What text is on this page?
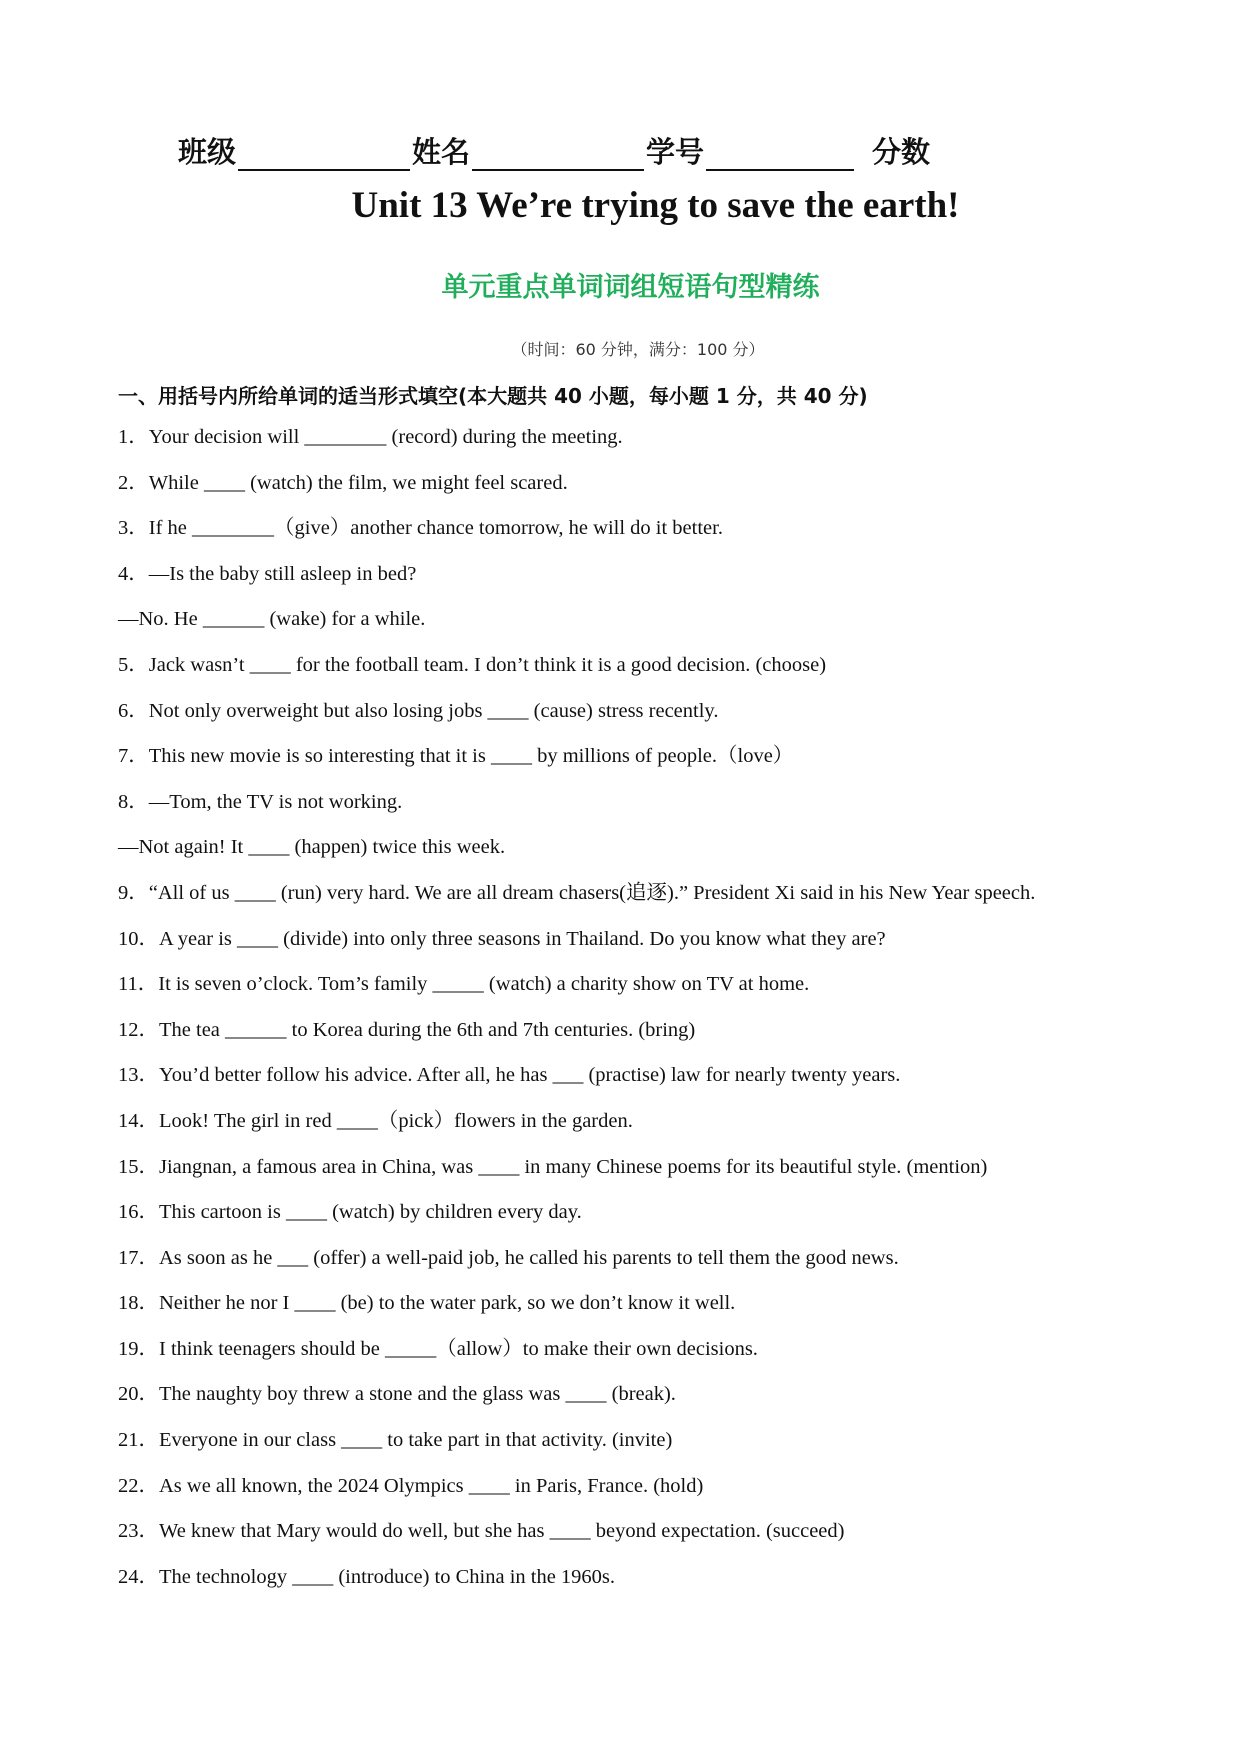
班级	姓名	学号	分数
Unit 13 We’re trying to save the earth!
单元重点单词词组短语句型精练
（时间：60 分钟，满分：100 分）
一、用括号内所给单词的适当形式填空(本大题共 40 小题，每小题 1 分，共 40 分)
1．Your decision will ________ (record) during the meeting.
2．While ____ (watch) the film, we might feel scared.
3．If he ________（give）another chance tomorrow, he will do it better.
4．—Is the baby still asleep in bed?
—No. He ______ (wake) for a while.
5．Jack wasn’t ____ for the football team. I don’t think it is a good decision. (choose)
6．Not only overweight but also losing jobs ____ (cause) stress recently.
7．This new movie is so interesting that it is ____ by millions of people.（love）
8．—Tom, the TV is not working.
—Not again! It ____ (happen) twice this week.
9．“All of us ____ (run) very hard. We are all dream chasers(追逐).” President Xi said in his New Year speech.
10．A year is ____ (divide) into only three seasons in Thailand. Do you know what they are?
11．It is seven o’clock. Tom’s family _____ (watch) a charity show on TV at home.
12．The tea ______ to Korea during the 6th and 7th centuries. (bring)
13．You’d better follow his advice. After all, he has ___ (practise) law for nearly twenty years.
14．Look! The girl in red ____（pick）flowers in the garden.
15．Jiangnan, a famous area in China, was ____ in many Chinese poems for its beautiful style. (mention)
16．This cartoon is ____ (watch) by children every day.
17．As soon as he ___ (offer) a well-paid job, he called his parents to tell them the good news.
18．Neither he nor I ____ (be) to the water park, so we don’t know it well.
19．I think teenagers should be _____（allow）to make their own decisions.
20．The naughty boy threw a stone and the glass was ____ (break).
21．Everyone in our class ____ to take part in that activity. (invite)
22．As we all known, the 2024 Olympics ____ in Paris, France. (hold)
23．We knew that Mary would do well, but she has ____ beyond expectation. (succeed)
24．The technology ____ (introduce) to China in the 1960s.
